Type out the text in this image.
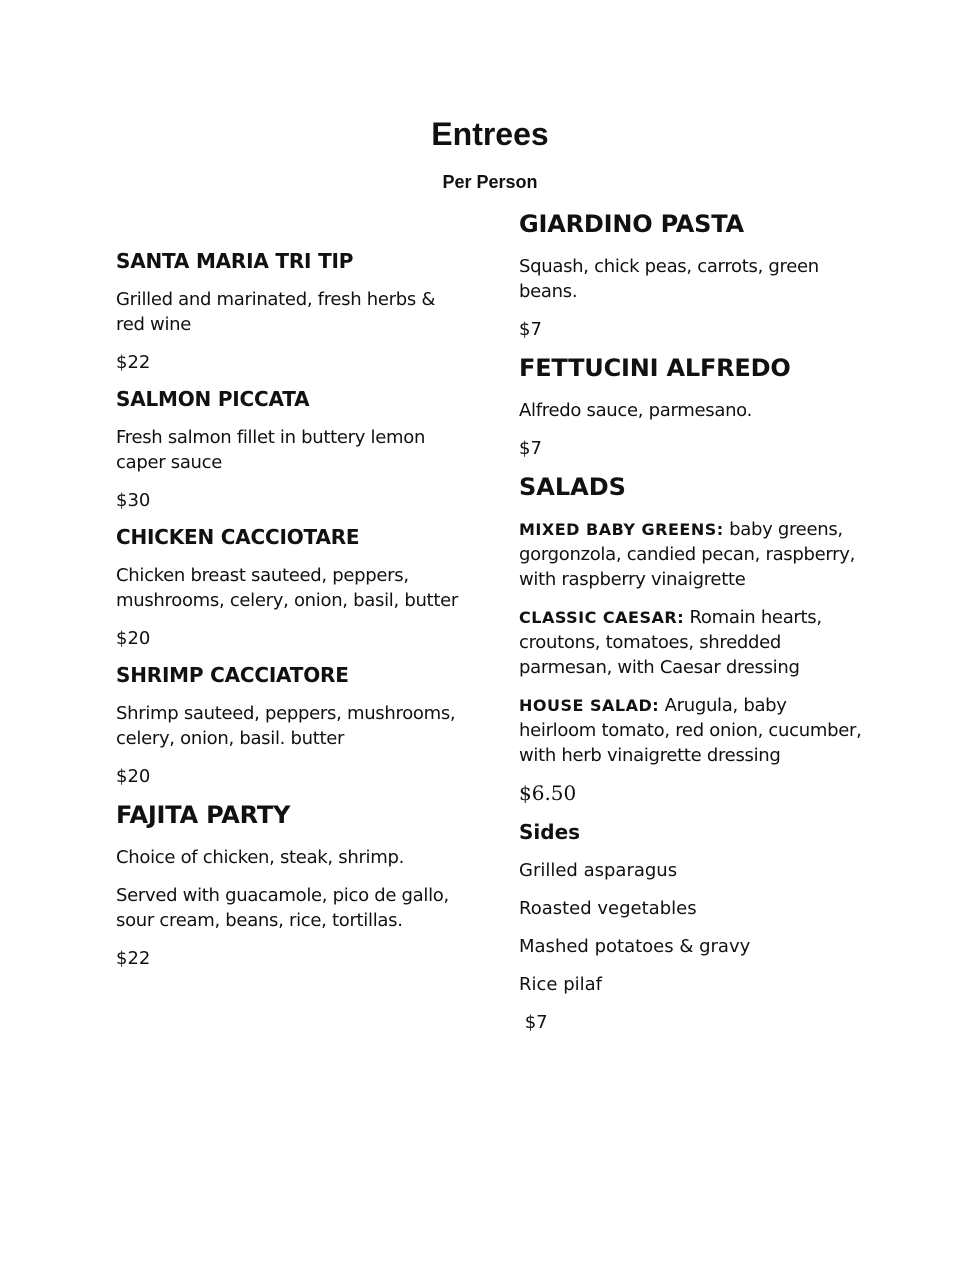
Entrees
Per Person
SANTA MARIA TRI TIP
Grilled and marinated, fresh herbs & red wine
$22
SALMON PICCATA
Fresh salmon fillet in buttery lemon caper sauce
$30
CHICKEN CACCIOTARE
Chicken breast sauteed, peppers, mushrooms, celery, onion, basil, butter
$20
SHRIMP CACCIATORE
Shrimp sauteed, peppers, mushrooms, celery, onion, basil. butter
$20
FAJITA PARTY
Choice of chicken, steak, shrimp.
Served with guacamole, pico de gallo, sour cream, beans, rice, tortillas.
$22
GIARDINO PASTA
Squash, chick peas, carrots, green beans.
$7
FETTUCINI ALFREDO
Alfredo sauce, parmesano.
$7
SALADS
MIXED BABY GREENS: baby greens, gorgonzola, candied pecan, raspberry, with raspberry vinaigrette
CLASSIC CAESAR: Romain hearts, croutons, tomatoes, shredded parmesan, with Caesar dressing
HOUSE SALAD: Arugula, baby heirloom tomato, red onion, cucumber, with herb vinaigrette dressing
$6.50
Sides
Grilled asparagus
Roasted vegetables
Mashed potatoes & gravy
Rice pilaf
$7
